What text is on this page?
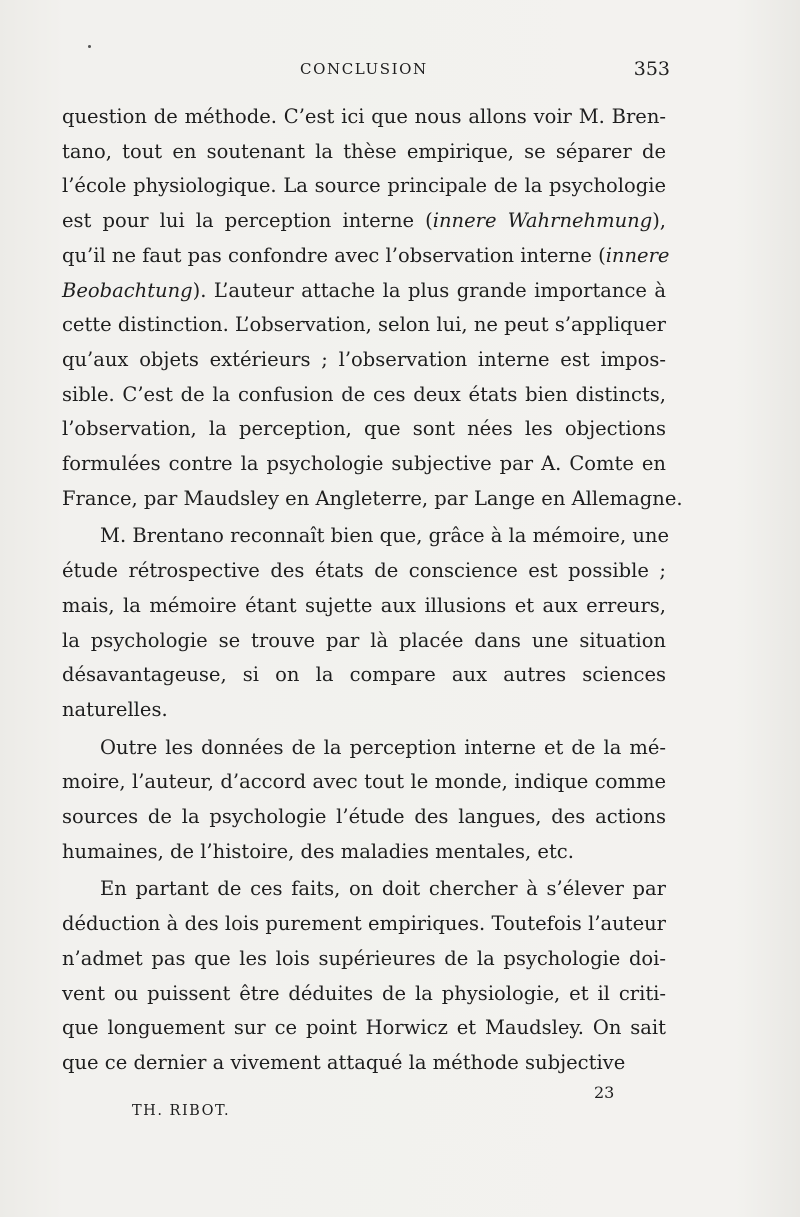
CONCLUSION	353
question de méthode. C’est ici que nous allons voir M. Bren-
tano, tout en soutenant la thèse empirique, se séparer de
l’école physiologique. La source principale de la psychologie
est pour lui la perception interne (innere Wahrnehmung),
qu’il ne faut pas confondre avec l’observation interne (innere
Beobachtung). L’auteur attache la plus grande importance à
cette distinction. L’observation, selon lui, ne peut s’appliquer
qu’aux objets extérieurs ; l’observation interne est impos-
sible. C’est de la confusion de ces deux états bien distincts,
l’observation, la perception, que sont nées les objections
formulées contre la psychologie subjective par A. Comte en
France, par Maudsley en Angleterre, par Lange en Allemagne.
M. Brentano reconnaît bien que, grâce à la mémoire, une
étude rétrospective des états de conscience est possible ;
mais, la mémoire étant sujette aux illusions et aux erreurs,
la psychologie se trouve par là placée dans une situation
désavantageuse, si on la compare aux autres sciences
naturelles.
Outre les données de la perception interne et de la mé-
moire, l’auteur, d’accord avec tout le monde, indique comme
sources de la psychologie l’étude des langues, des actions
humaines, de l’histoire, des maladies mentales, etc.
En partant de ces faits, on doit chercher à s’élever par
déduction à des lois purement empiriques. Toutefois l’auteur
n’admet pas que les lois supérieures de la psychologie doi-
vent ou puissent être déduites de la physiologie, et il criti-
que longuement sur ce point Horwicz et Maudsley. On sait
que ce dernier a vivement attaqué la méthode subjective
23
TH. RIBOT.
